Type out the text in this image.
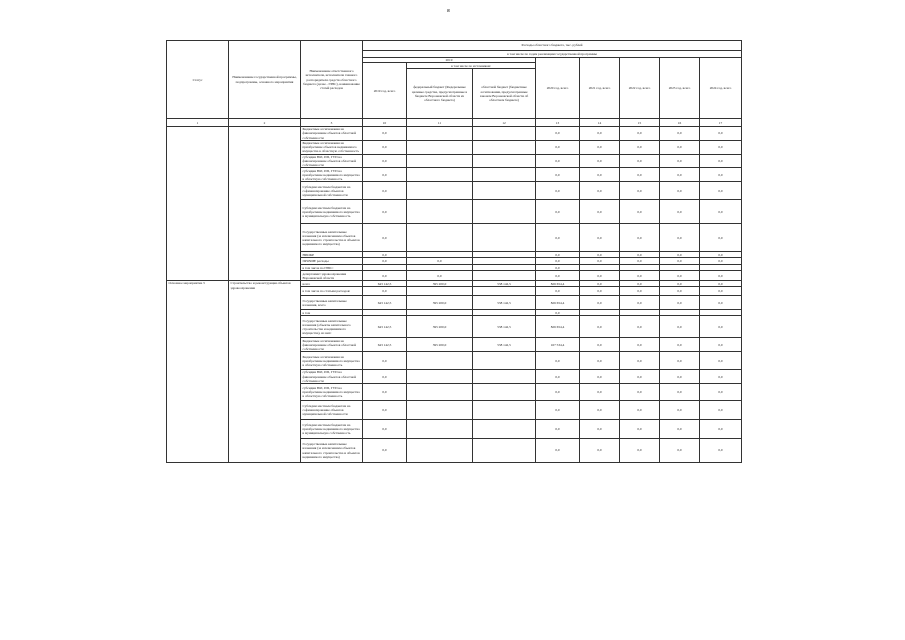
я
Статус	Наименование государственной программы, подпрограммы, основного мероприятия	Наименование ответственного исполнителя, исполнителя главного распорядителя средств областного бюджета (далее - ГРБС), наименование статей расходов	Расходы областного бюджета, тыс. рублей							
			в том числе по годам реализации государственной программы							
			2019			2020 год, всего	2021 год, всего	2022 год, всего	2023 год, всего	2024 год, всего
			2019 год, всего	в том числе по источникам:						
				федеральный бюджет (Федеральные целевые средства, предусмотренные в бюджете Воронежской области из областного бюджета)	областной бюджет (бюджетные ассигнования, предусмотренные законом Воронежской области об областном бюджете)					
1	2	3	10	11	12	13	14	15	16	17
		Бюджетные ассигнования на финансирование объектов областной собственности	0,0			0,0	0,0	0,0	0,0	0,0
		Бюджетные ассигнования на приобретение объектов недвижимого имущества в областную собственность	0,0			0,0	0,0	0,0	0,0	0,0
		субсидии ЮЛ, ИП, ГУП на финансирование объектов областной собственности	0,0			0,0	0,0	0,0	0,0	0,0
		субсидии ЮЛ, ИП, ГУП на приобретение недвижимого имущества в областную собственность	0,0			0,0	0,0	0,0	0,0	0,0
		Субсидии местным бюджетам на софинансирование объектов муниципальной собственности	0,0			0,0	0,0	0,0	0,0	0,0
		Субсидии местным бюджетам на приобретение недвижимого имущества в муниципальную собственность	0,0			0,0	0,0	0,0	0,0	0,0
		Государственные капитальные вложения (за исключением объектов капитального строительства и объектов недвижимого имущества)	0,0			0,0	0,0	0,0	0,0	0,0
		НИОКР	0,0			0,0	0,0	0,0	0,0	0,0
		ПРОЧИЕ расходы	0,0	0,0		0,0	0,0	0,0	0,0	0,0
		в том числе по ГРБС:				0,0				
		департамент здравоохранения Воронежской области	0,0	0,0		0,0	0,0	0,0	0,0	0,0
Основное мероприятие 3	Строительство и реконструкция объектов здравоохранения	всего	643 142,5	395 200,0	538 142,5	826 654,4	0,0	0,0	0,0	0,0
		в том числе по статьям расходов:	0,0			0,0	0,0	0,0	0,0	0,0
		Государственные капитальные вложения, всего	643 142,5	395 200,0	538 142,5	826 654,4	0,0	0,0	0,0	0,0
		в том				0,0				
		Государственные капитальные вложения (объекты капитального строительства и недвижимого имущества), из них:	643 142,5	395 200,0	538 142,5	826 654,4	0,0	0,0	0,0	0,0
		Бюджетные ассигнования на финансирование объектов областной собственности	643 142,5	395 200,0	538 142,5	167 534,4	0,0	0,0	0,0	0,0
		Бюджетные ассигнования на приобретение недвижимого имущества в областную собственность	0,0			0,0	0,0	0,0	0,0	0,0
		субсидии ЮЛ, ИП, ГУП на финансирование объектов областной собственности	0,0			0,0	0,0	0,0	0,0	0,0
		субсидии ЮЛ, ИП, ГУП на приобретение недвижимого имущества в областную собственность	0,0			0,0	0,0	0,0	0,0	0,0
		Субсидии местным бюджетам на софинансирование объектов муниципальной собственности	0,0			0,0	0,0	0,0	0,0	0,0
		Субсидии местным бюджетам на приобретение недвижимого имущества в муниципальную собственность	0,0			0,0	0,0	0,0	0,0	0,0
		Государственные капитальные вложения (за исключением объектов капитального строительства и объектов недвижимого имущества)	0,0			0,0	0,0	0,0	0,0	0,0
